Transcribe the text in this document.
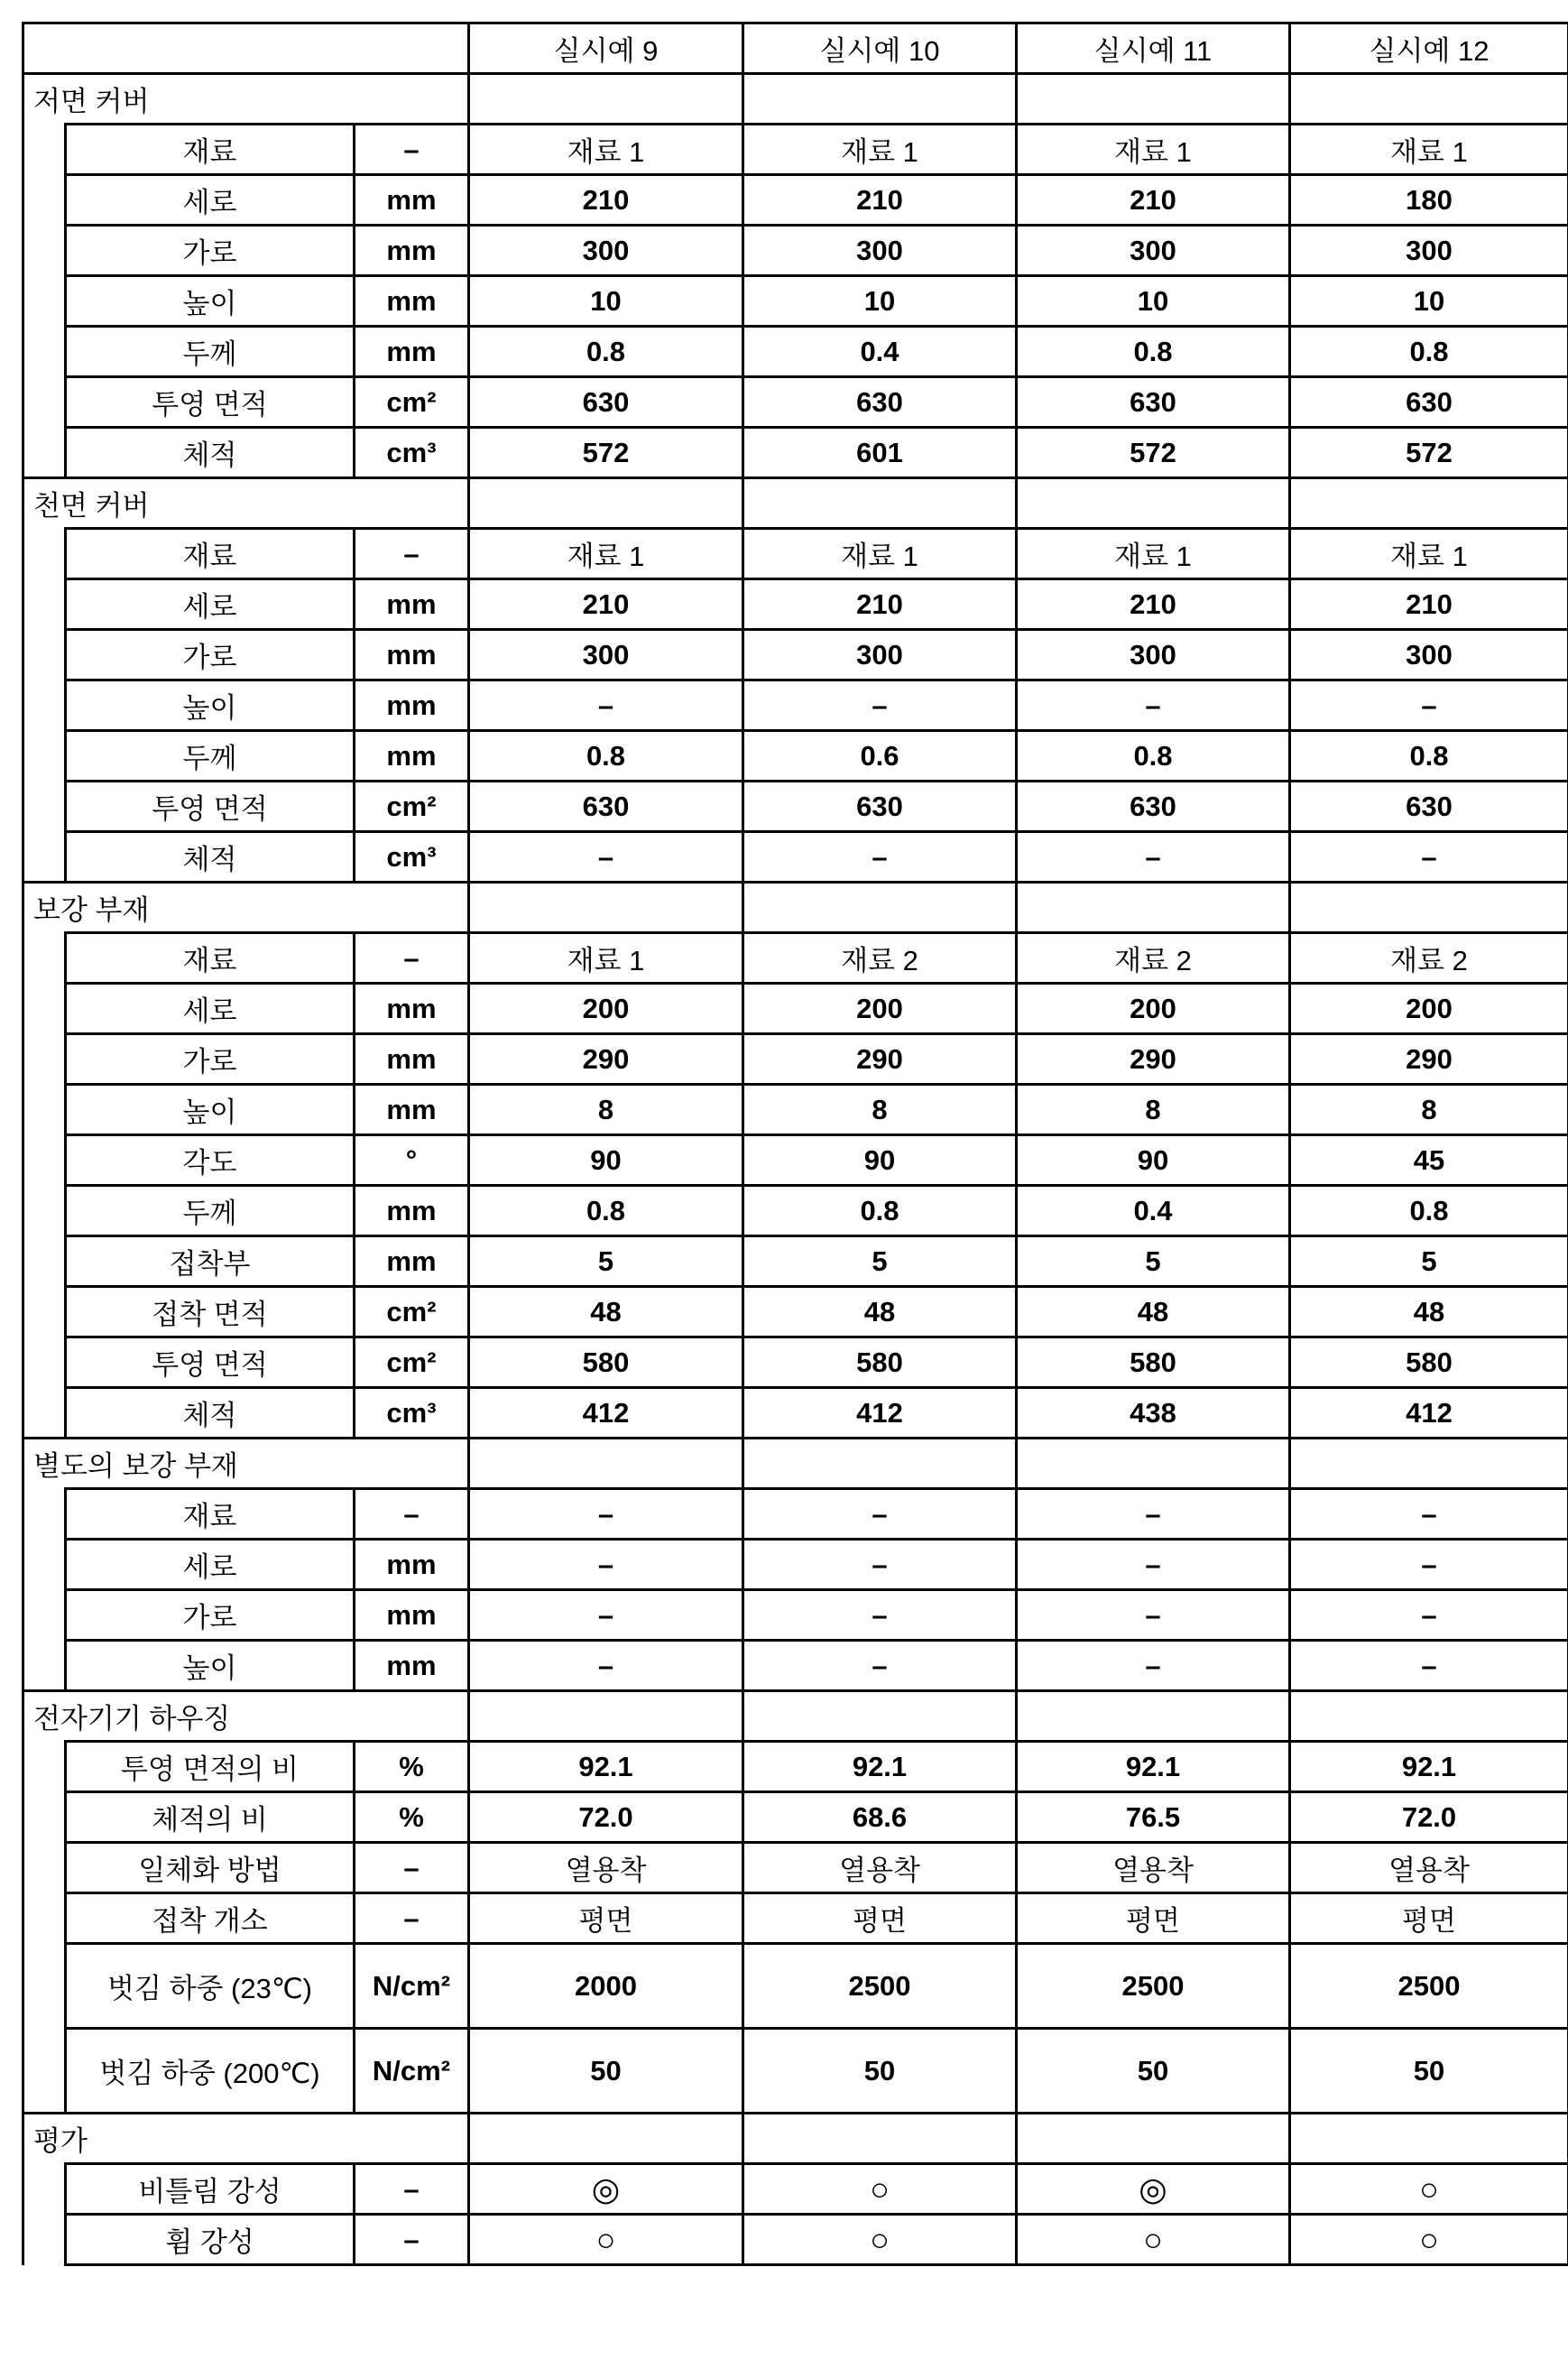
	실시예 9	실시예 10	실시예 11	실시예 12
저면 커버				
	재료	–	재료 1	재료 1	재료 1	재료 1
세로	mm	210	210	210	180
가로	mm	300	300	300	300
높이	mm	10	10	10	10
두께	mm	0.8	0.4	0.8	0.8
투영 면적	cm²	630	630	630	630
체적	cm³	572	601	572	572
천면 커버				
	재료	–	재료 1	재료 1	재료 1	재료 1
세로	mm	210	210	210	210
가로	mm	300	300	300	300
높이	mm	–	–	–	–
두께	mm	0.8	0.6	0.8	0.8
투영 면적	cm²	630	630	630	630
체적	cm³	–	–	–	–
보강 부재				
	재료	–	재료 1	재료 2	재료 2	재료 2
세로	mm	200	200	200	200
가로	mm	290	290	290	290
높이	mm	8	8	8	8
각도	°	90	90	90	45
두께	mm	0.8	0.8	0.4	0.8
접착부	mm	5	5	5	5
접착 면적	cm²	48	48	48	48
투영 면적	cm²	580	580	580	580
체적	cm³	412	412	438	412
별도의 보강 부재				
	재료	–	–	–	–	–
세로	mm	–	–	–	–
가로	mm	–	–	–	–
높이	mm	–	–	–	–
전자기기 하우징				
	투영 면적의 비	%	92.1	92.1	92.1	92.1
체적의 비	%	72.0	68.6	76.5	72.0
일체화 방법	–	열용착	열용착	열용착	열용착
접착 개소	–	평면	평면	평면	평면
벗김 하중 (23℃)	N/cm²	2000	2500	2500	2500
벗김 하중 (200℃)	N/cm²	50	50	50	50
평가				
	비틀림 강성	–	◎	○	◎	○
휨 강성	–	○	○	○	○
